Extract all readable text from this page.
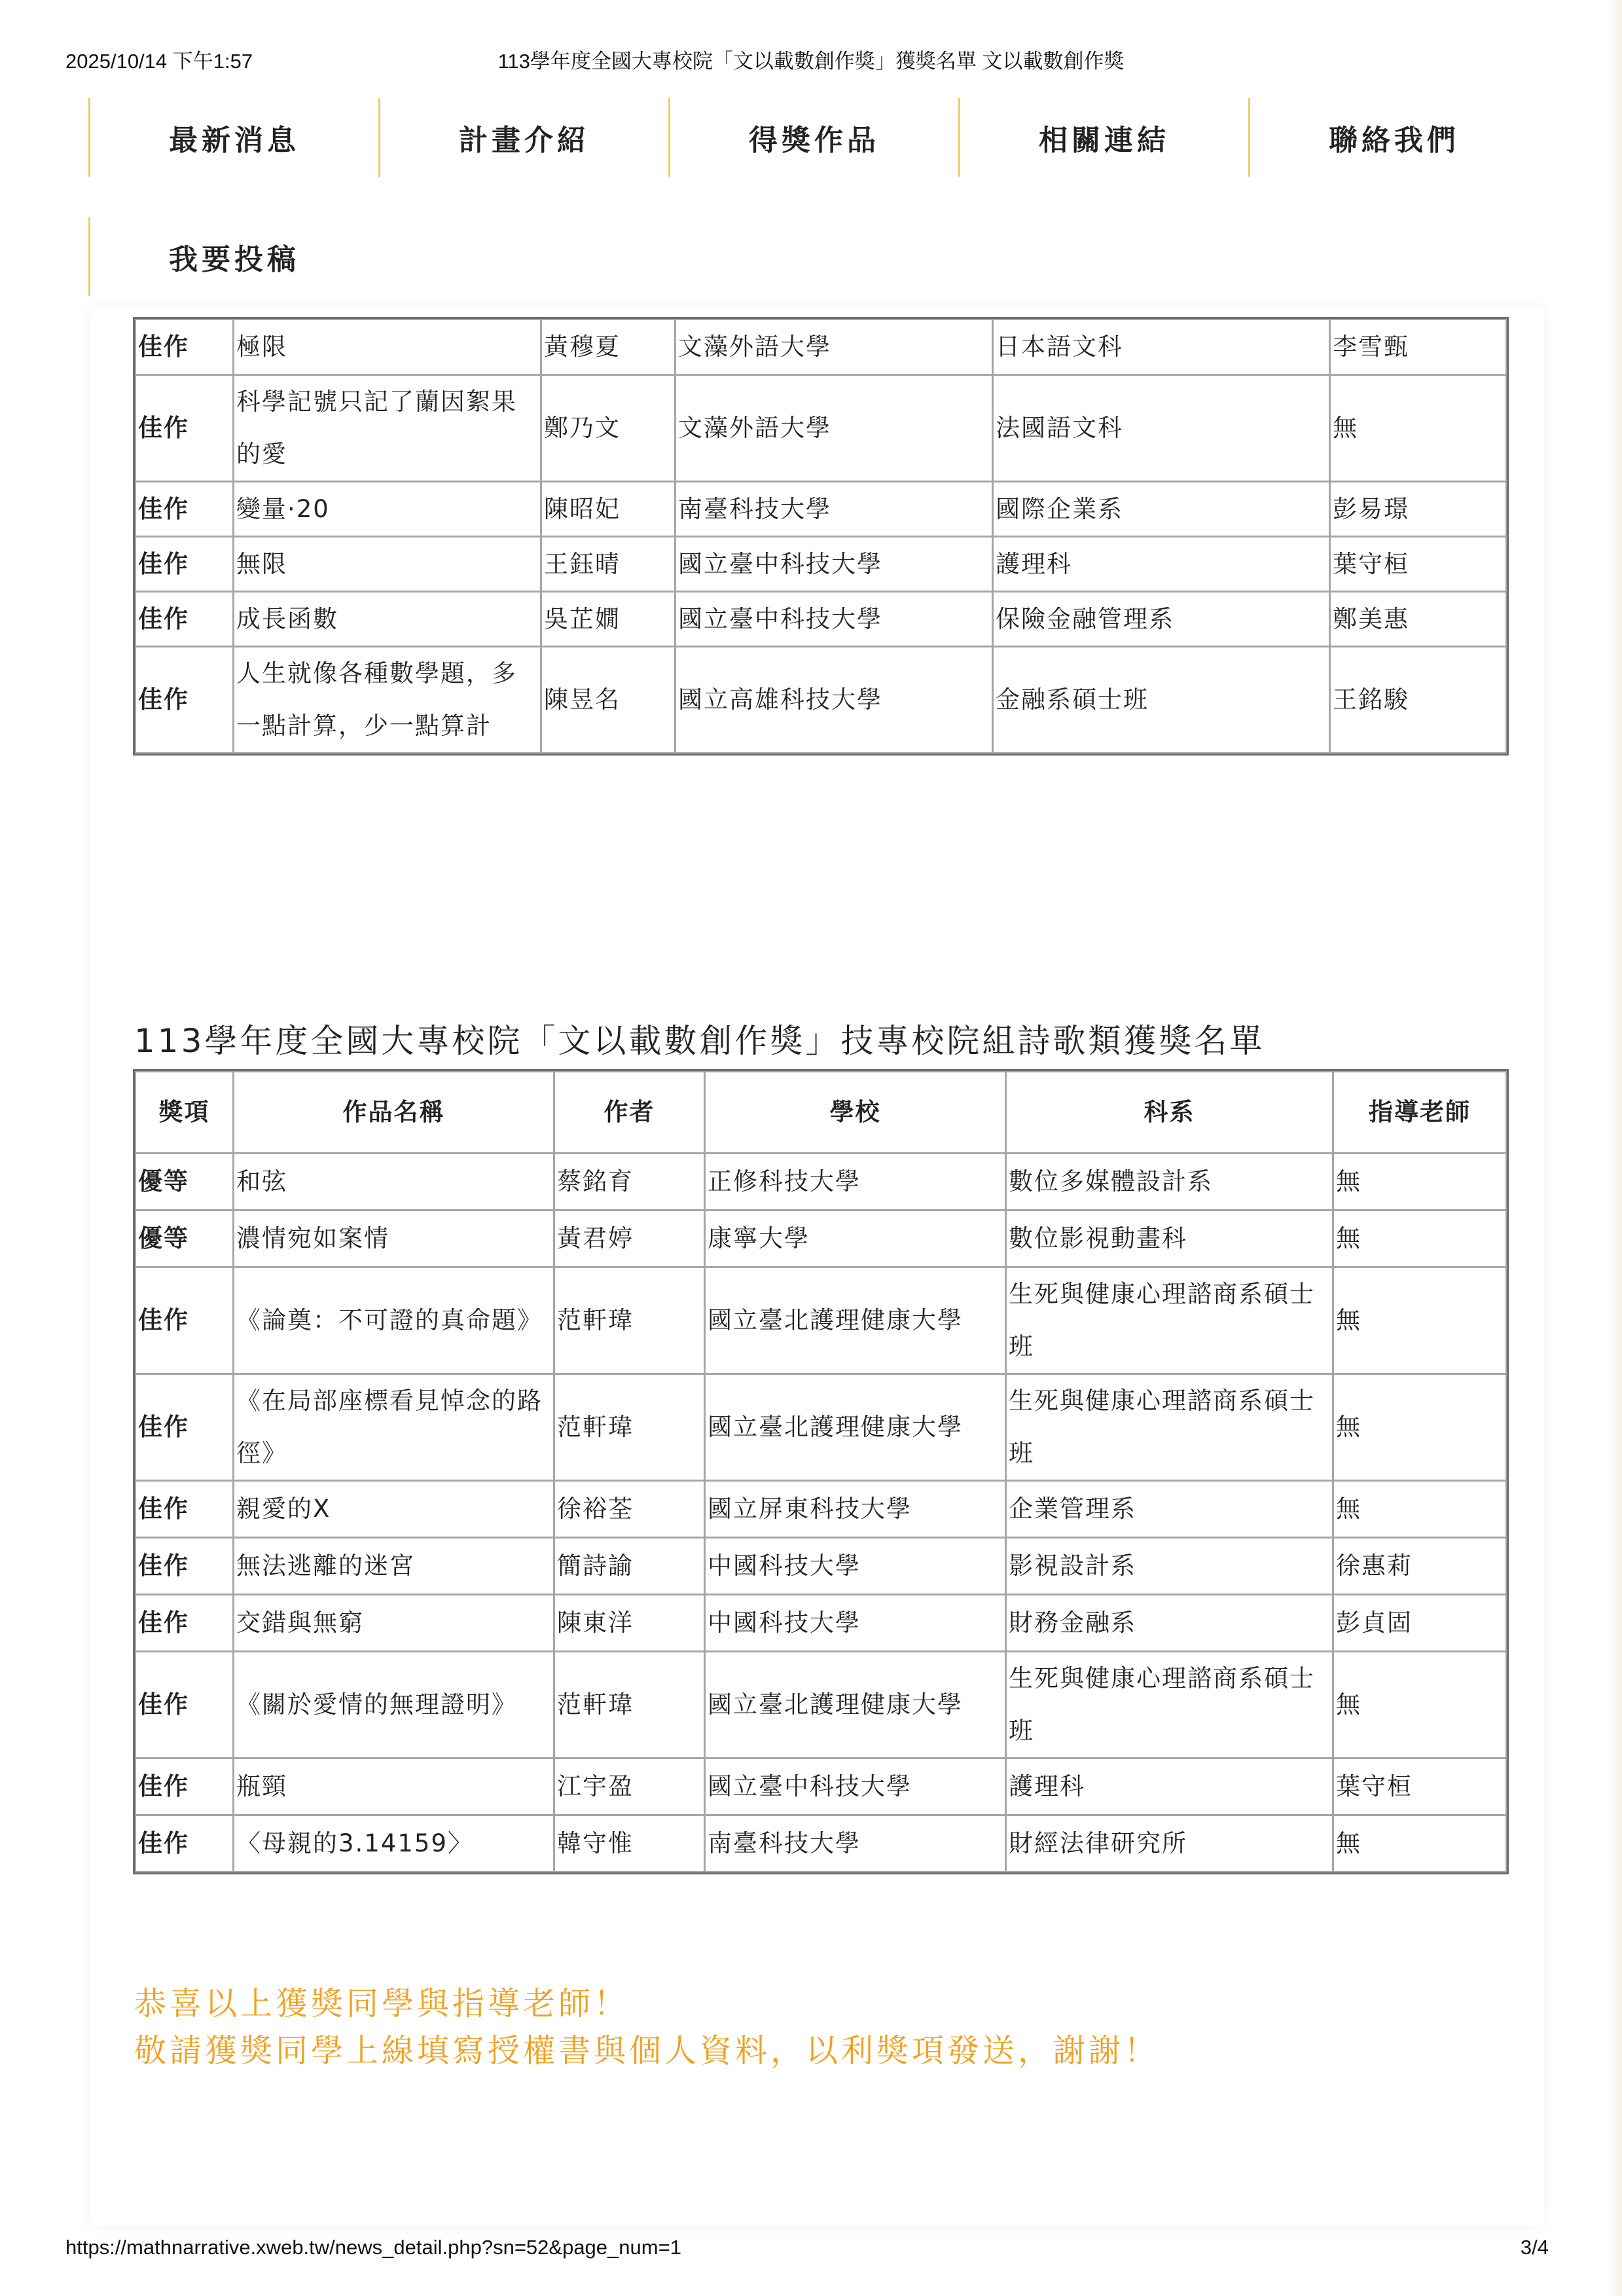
2025/10/14 下午1:57	113學年度全國大專校院「文以載數創作獎」獲獎名單 文以載數創作獎
最新消息	計畫介紹	得獎作品	相關連結	聯絡我們
我要投稿
佳作	極限	黃穆夏	文藻外語大學	日本語文科	李雪甄
佳作	科學記號只記了蘭因絮果的愛	鄭乃文	文藻外語大學	法國語文科	無
佳作	變量·20	陳昭妃	南臺科技大學	國際企業系	彭易璟
佳作	無限	王鈺晴	國立臺中科技大學	護理科	葉守桓
佳作	成長函數	吳芷嫺	國立臺中科技大學	保險金融管理系	鄭美惠
佳作	人生就像各種數學題，多一點計算，少一點算計	陳昱名	國立高雄科技大學	金融系碩士班	王銘駿
113學年度全國大專校院「文以載數創作獎」技專校院組詩歌類獲獎名單
獎項	作品名稱	作者	學校	科系	指導老師
優等	和弦	蔡銘育	正修科技大學	數位多媒體設計系	無
優等	濃情宛如案情	黃君婷	康寧大學	數位影視動畫科	無
佳作	《論奠：不可證的真命題》	范軒瑋	國立臺北護理健康大學	生死與健康心理諮商系碩士班	無
佳作	《在局部座標看見悼念的路徑》	范軒瑋	國立臺北護理健康大學	生死與健康心理諮商系碩士班	無
佳作	親愛的X	徐裕荃	國立屏東科技大學	企業管理系	無
佳作	無法逃離的迷宮	簡詩諭	中國科技大學	影視設計系	徐惠莉
佳作	交錯與無窮	陳東洋	中國科技大學	財務金融系	彭貞固
佳作	《關於愛情的無理證明》	范軒瑋	國立臺北護理健康大學	生死與健康心理諮商系碩士班	無
佳作	瓶頸	江宇盈	國立臺中科技大學	護理科	葉守桓
佳作	〈母親的3.14159〉	韓守惟	南臺科技大學	財經法律研究所	無
恭喜以上獲獎同學與指導老師！
敬請獲獎同學上線填寫授權書與個人資料，以利獎項發送，謝謝！
https://mathnarrative.xweb.tw/news_detail.php?sn=52&page_num=1	3/4
